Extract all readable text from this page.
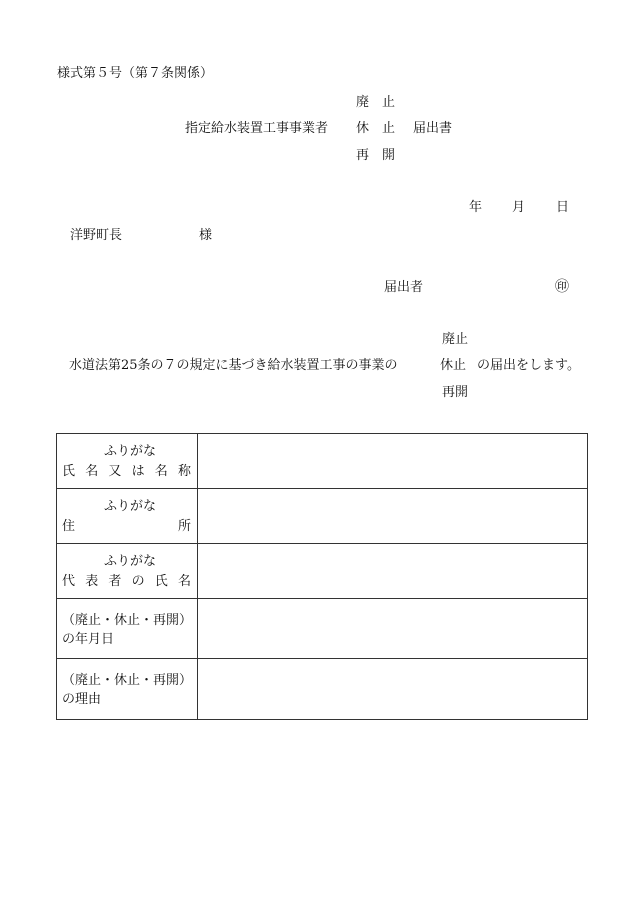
様式第５号（第７条関係）
廃　止
指定給水装置工事事業者 休　止 届出書
再　開
年 月 日
洋野町長	様
届出者	㊞
廃止
水道法第25条の７の規定に基づき給水装置工事の事業の	休止 の届出をします。
再開
ふりがな
氏名又は名称
ふりがな
住所
ふりがな
代表者の氏名
（廃止・休止・再開）
の年月日
（廃止・休止・再開）
の理由
